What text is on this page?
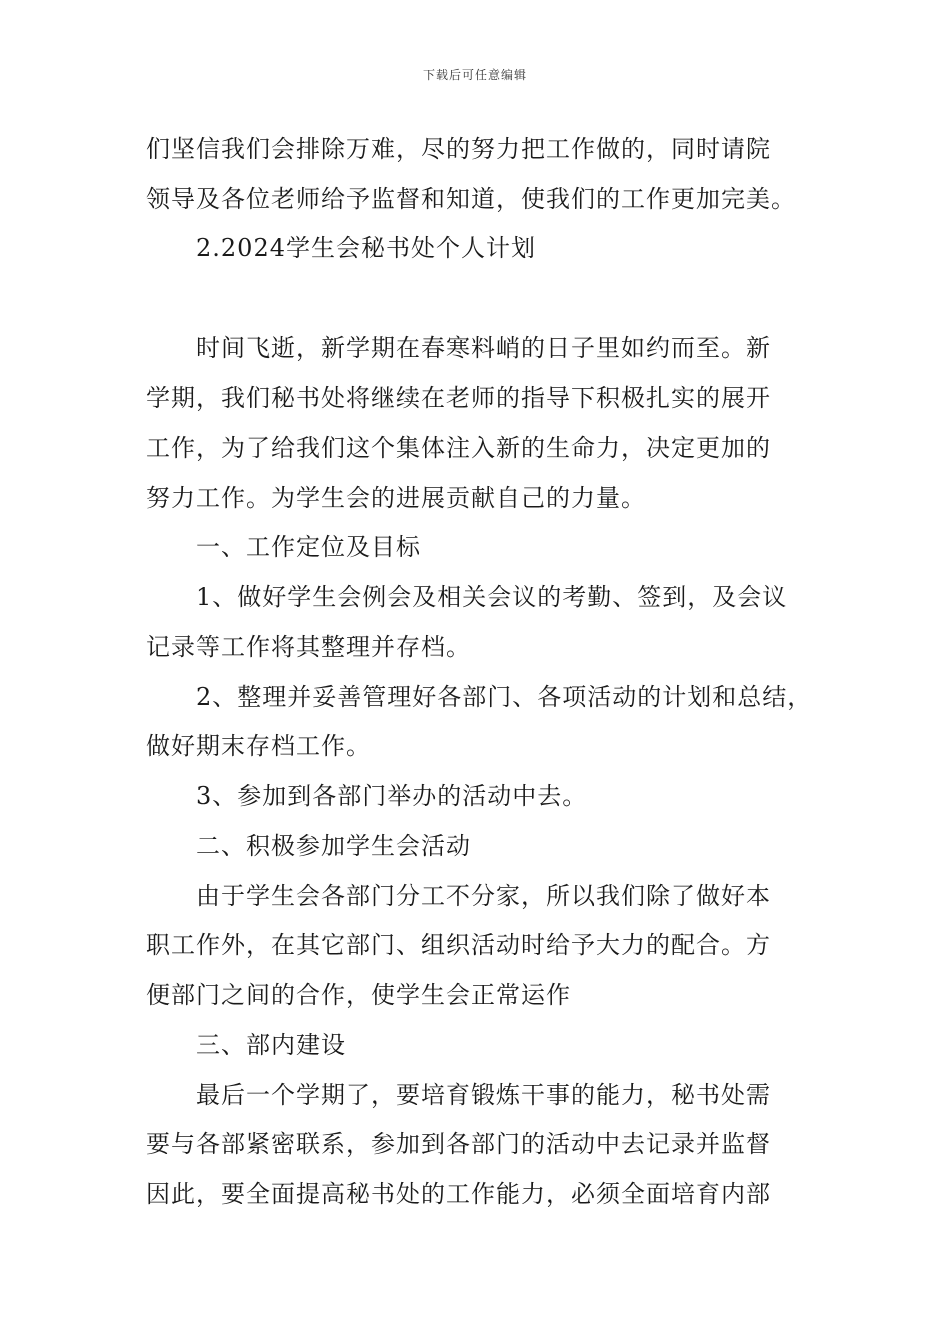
下载后可任意编辑
们坚信我们会排除万难，尽的努力把工作做的，同时请院
领导及各位老师给予监督和知道，使我们的工作更加完美。
2.2024学生会秘书处个人计划
时间飞逝，新学期在春寒料峭的日子里如约而至。新
学期，我们秘书处将继续在老师的指导下积极扎实的展开
工作，为了给我们这个集体注入新的生命力，决定更加的
努力工作。为学生会的进展贡献自己的力量。
一、工作定位及目标
1、做好学生会例会及相关会议的考勤、签到，及会议
记录等工作将其整理并存档。
2、整理并妥善管理好各部门、各项活动的计划和总结，
做好期末存档工作。
3、参加到各部门举办的活动中去。
二、积极参加学生会活动
由于学生会各部门分工不分家，所以我们除了做好本
职工作外，在其它部门、组织活动时给予大力的配合。方
便部门之间的合作，使学生会正常运作
三、部内建设
最后一个学期了，要培育锻炼干事的能力，秘书处需
要与各部紧密联系，参加到各部门的活动中去记录并监督
因此，要全面提高秘书处的工作能力，必须全面培育内部
